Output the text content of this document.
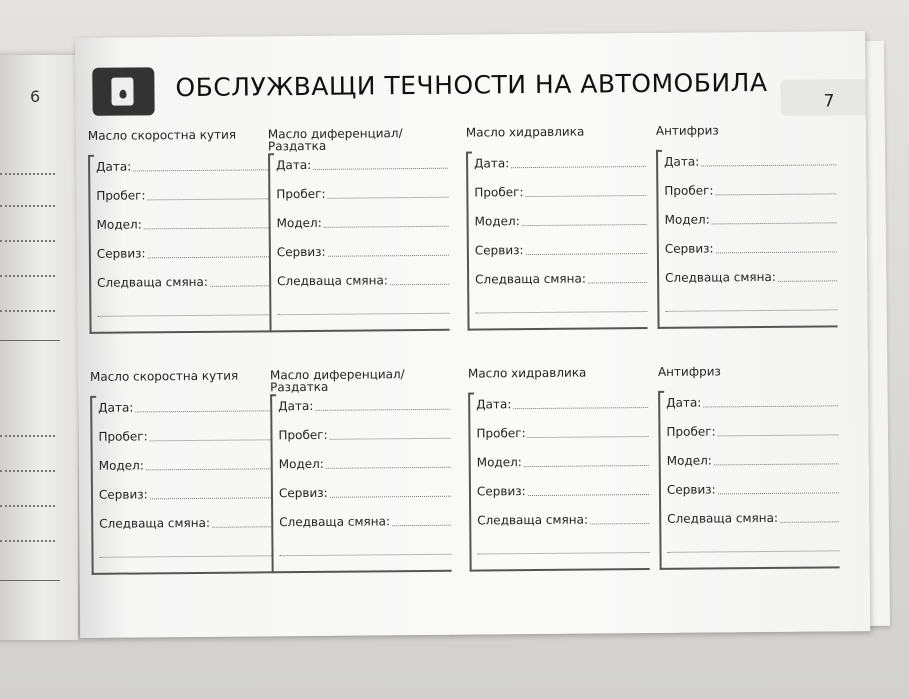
6	ОБСЛУЖВАЩИ ТЕЧНОСТИ НА АВТОМОБИЛА	7
Масло скоростна кутия
Дата:
Пробег:
Модел:
Сервиз:
Следваща смяна:
Масло диференциал/ Раздатка
Дата:
Пробег:
Модел:
Сервиз:
Следваща смяна:
Масло хидравлика
Дата:
Пробег:
Модел:
Сервиз:
Следваща смяна:
Антифриз
Дата:
Пробег:
Модел:
Сервиз:
Следваща смяна:
Масло скоростна кутия
Дата:
Пробег:
Модел:
Сервиз:
Следваща смяна:
Масло диференциал/ Раздатка
Дата:
Пробег:
Модел:
Сервиз:
Следваща смяна:
Масло хидравлика
Дата:
Пробег:
Модел:
Сервиз:
Следваща смяна:
Антифриз
Дата:
Пробег:
Модел:
Сервиз:
Следваща смяна:
